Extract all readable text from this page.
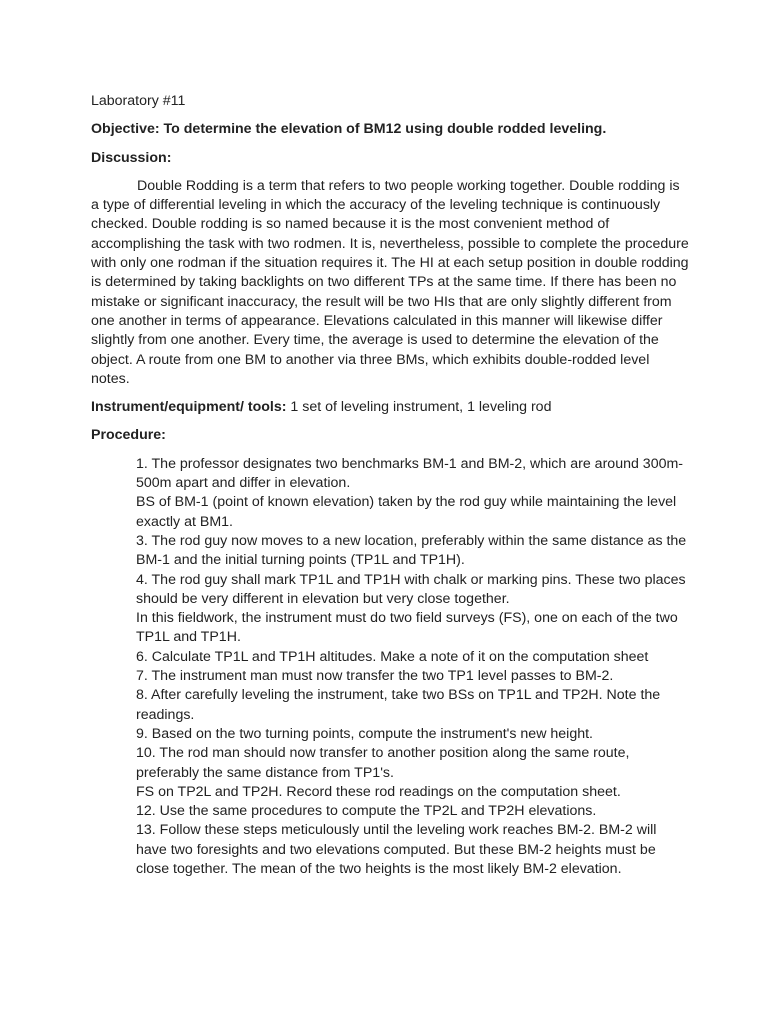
Laboratory #11

Objective: To determine the elevation of BM12 using double rodded leveling.

Discussion:

Double Rodding is a term that refers to two people working together. Double rodding is a type of differential leveling in which the accuracy of the leveling technique is continuously checked. Double rodding is so named because it is the most convenient method of accomplishing the task with two rodmen. It is, nevertheless, possible to complete the procedure with only one rodman if the situation requires it. The HI at each setup position in double rodding is determined by taking backlights on two different TPs at the same time. If there has been no mistake or significant inaccuracy, the result will be two HIs that are only slightly different from one another in terms of appearance. Elevations calculated in this manner will likewise differ slightly from one another. Every time, the average is used to determine the elevation of the object. A route from one BM to another via three BMs, which exhibits double-rodded level notes.

Instrument/equipment/ tools: 1 set of leveling instrument, 1 leveling rod

Procedure:

1. The professor designates two benchmarks BM-1 and BM-2, which are around 300m-500m apart and differ in elevation.
BS of BM-1 (point of known elevation) taken by the rod guy while maintaining the level exactly at BM1.
3. The rod guy now moves to a new location, preferably within the same distance as the BM-1 and the initial turning points (TP1L and TP1H).
4. The rod guy shall mark TP1L and TP1H with chalk or marking pins. These two places should be very different in elevation but very close together.
In this fieldwork, the instrument must do two field surveys (FS), one on each of the two TP1L and TP1H.
6. Calculate TP1L and TP1H altitudes. Make a note of it on the computation sheet
7. The instrument man must now transfer the two TP1 level passes to BM-2.
8. After carefully leveling the instrument, take two BSs on TP1L and TP2H. Note the readings.
9. Based on the two turning points, compute the instrument's new height.
10. The rod man should now transfer to another position along the same route, preferably the same distance from TP1's.
FS on TP2L and TP2H. Record these rod readings on the computation sheet.
12. Use the same procedures to compute the TP2L and TP2H elevations.
13. Follow these steps meticulously until the leveling work reaches BM-2. BM-2 will have two foresights and two elevations computed. But these BM-2 heights must be close together. The mean of the two heights is the most likely BM-2 elevation.
